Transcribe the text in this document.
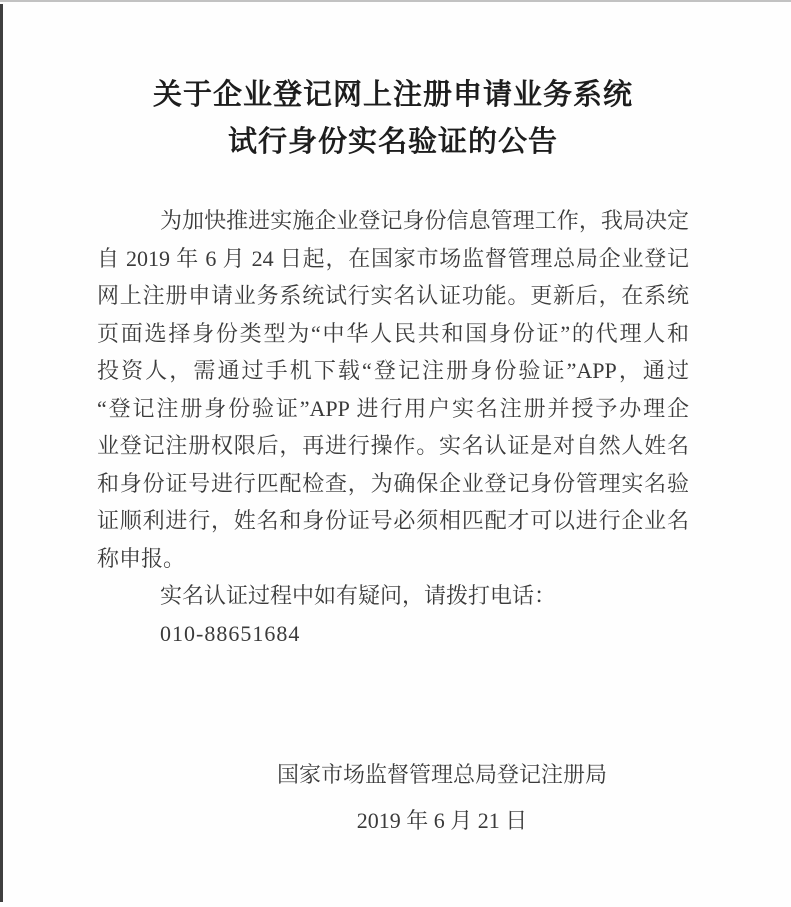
关于企业登记网上注册申请业务系统
试行身份实名验证的公告
为加快推进实施企业登记身份信息管理工作，我局决定
自 2019 年 6 月 24 日起，在国家市场监督管理总局企业登记
网上注册申请业务系统试行实名认证功能。更新后，在系统
页面选择身份类型为“中华人民共和国身份证”的代理人和
投资人，需通过手机下载“登记注册身份验证”APP，通过
“登记注册身份验证”APP 进行用户实名注册并授予办理企
业登记注册权限后，再进行操作。实名认证是对自然人姓名
和身份证号进行匹配检查，为确保企业登记身份管理实名验
证顺利进行，姓名和身份证号必须相匹配才可以进行企业名
称申报。
实名认证过程中如有疑问，请拨打电话：
010-88651684
国家市场监督管理总局登记注册局
2019 年 6 月 21 日
